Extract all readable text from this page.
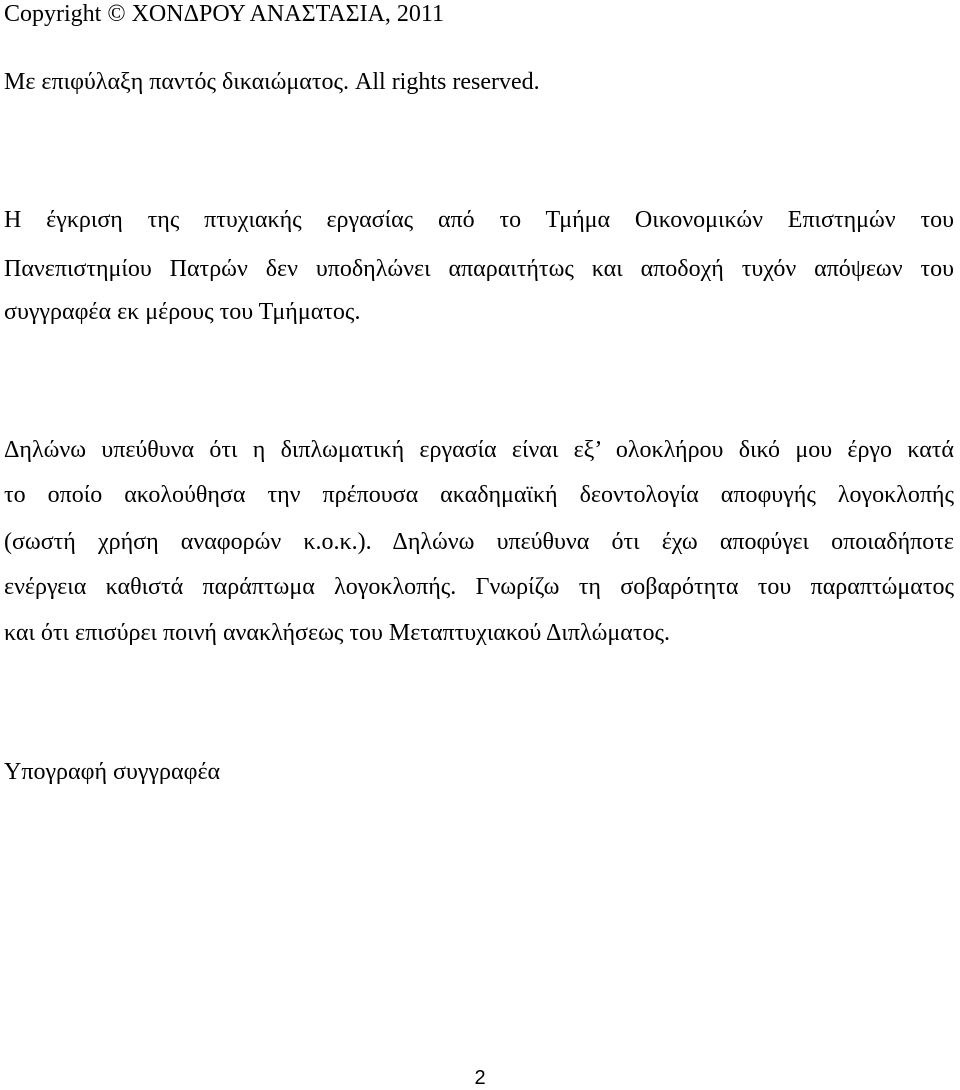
Copyright © ΧΟΝΔΡΟΥ ΑΝΑΣΤΑΣΙΑ, 2011

Με επιφύλαξη παντός δικαιώματος. All rights reserved.

Η έγκριση της πτυχιακής εργασίας από το Τμήμα Οικονομικών Επιστημών του

Πανεπιστημίου Πατρών δεν υποδηλώνει απαραιτήτως και αποδοχή τυχόν απόψεων του

συγγραφέα εκ μέρους του Τμήματος.

Δηλώνω υπεύθυνα ότι η διπλωματική εργασία είναι εξ’ ολοκλήρου δικό μου έργο κατά

το οποίο ακολούθησα την πρέπουσα ακαδημαϊκή δεοντολογία αποφυγής λογοκλοπής

(σωστή χρήση αναφορών κ.ο.κ.). Δηλώνω υπεύθυνα ότι έχω αποφύγει οποιαδήποτε

ενέργεια καθιστά παράπτωμα λογοκλοπής. Γνωρίζω τη σοβαρότητα του παραπτώματος

και ότι επισύρει ποινή ανακλήσεως του Μεταπτυχιακού Διπλώματος.

Υπογραφή συγγραφέα

2
